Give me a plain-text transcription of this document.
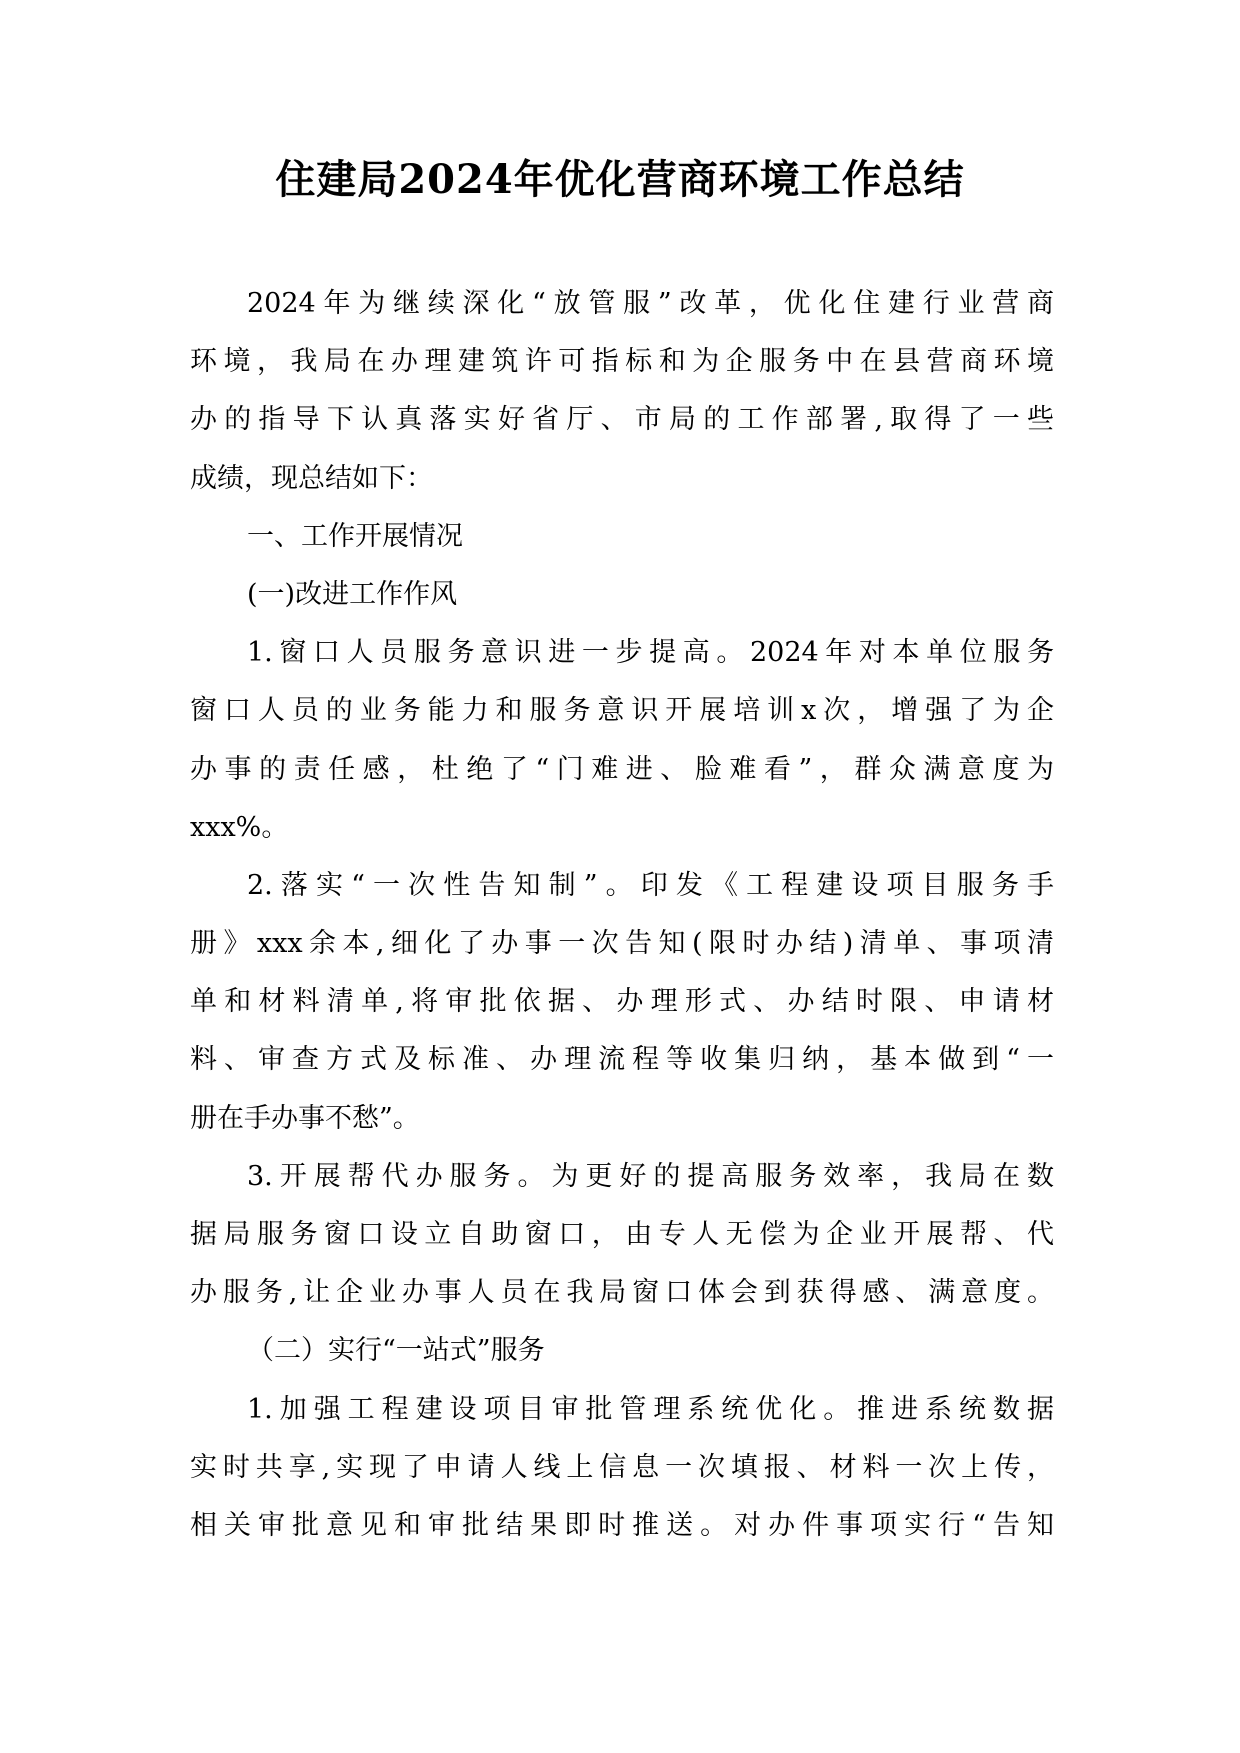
住建局2024年优化营商环境工作总结
2024年为继续深化“放管服”改革，优化住建行业营商
环境，我局在办理建筑许可指标和为企服务中在县营商环境
办的指导下认真落实好省厅、市局的工作部署,取得了一些
成绩，现总结如下：
一、工作开展情况
(一)改进工作作风
1.窗口人员服务意识进一步提高。2024年对本单位服务
窗口人员的业务能力和服务意识开展培训x次，增强了为企
办事的责任感，杜绝了“门难进、脸难看”，群众满意度为
xxx%。
2.落实“一次性告知制”。印发《工程建设项目服务手
册》xxx余本,细化了办事一次告知(限时办结)清单、事项清
单和材料清单,将审批依据、办理形式、办结时限、申请材
料、审查方式及标准、办理流程等收集归纳，基本做到“一
册在手办事不愁”。
3.开展帮代办服务。为更好的提高服务效率，我局在数
据局服务窗口设立自助窗口，由专人无偿为企业开展帮、代
办服务,让企业办事人员在我局窗口体会到获得感、满意度。
（二）实行“一站式”服务
1.加强工程建设项目审批管理系统优化。推进系统数据
实时共享,实现了申请人线上信息一次填报、材料一次上传，
相关审批意见和审批结果即时推送。对办件事项实行“告知
